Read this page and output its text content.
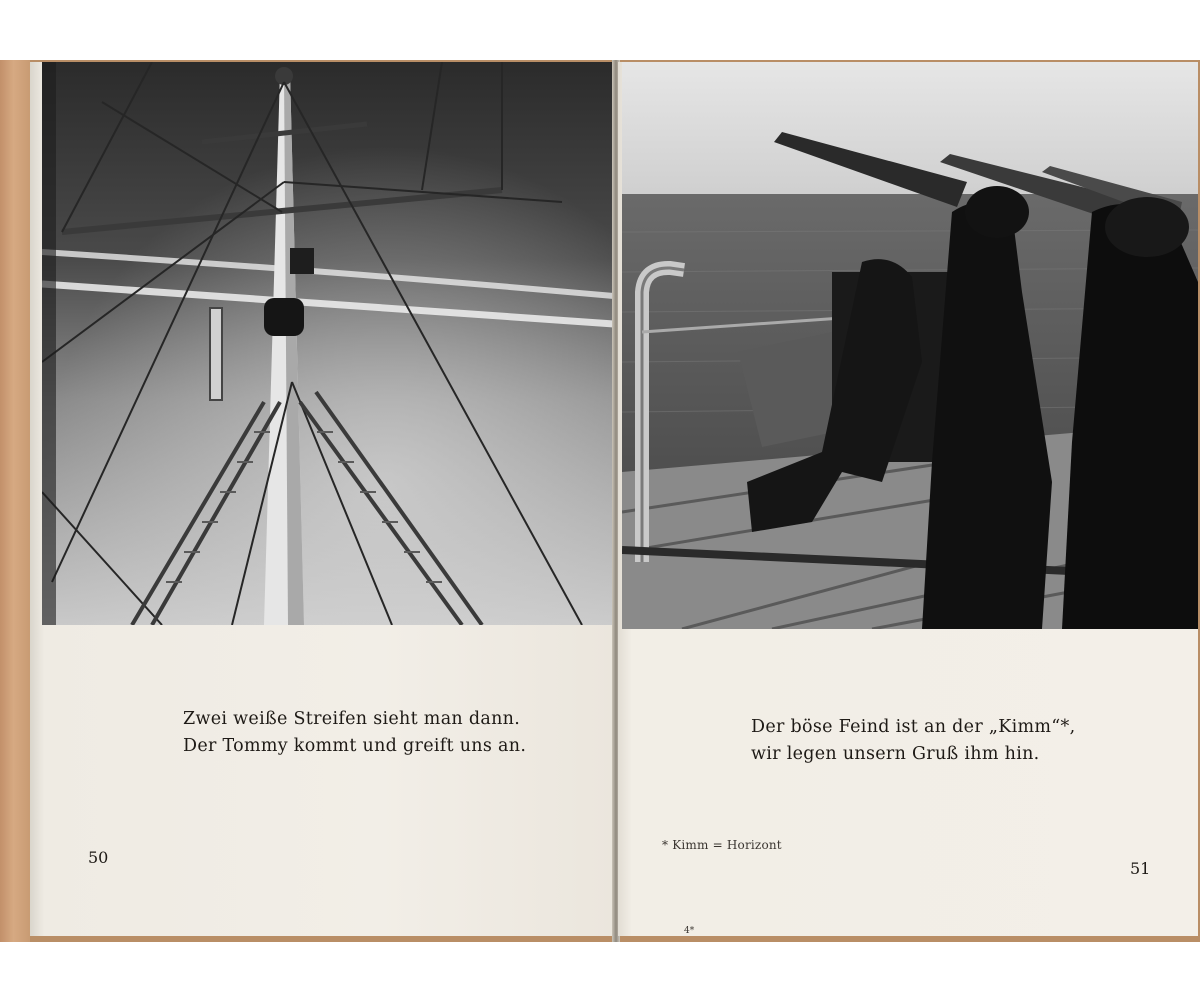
Zwei weiße Streifen sieht man dann.
Der Tommy kommt und greift uns an.
50
Der böse Feind ist an der „Kimm“*,
wir legen unsern Gruß ihm hin.
* Kimm = Horizont
51
4*
